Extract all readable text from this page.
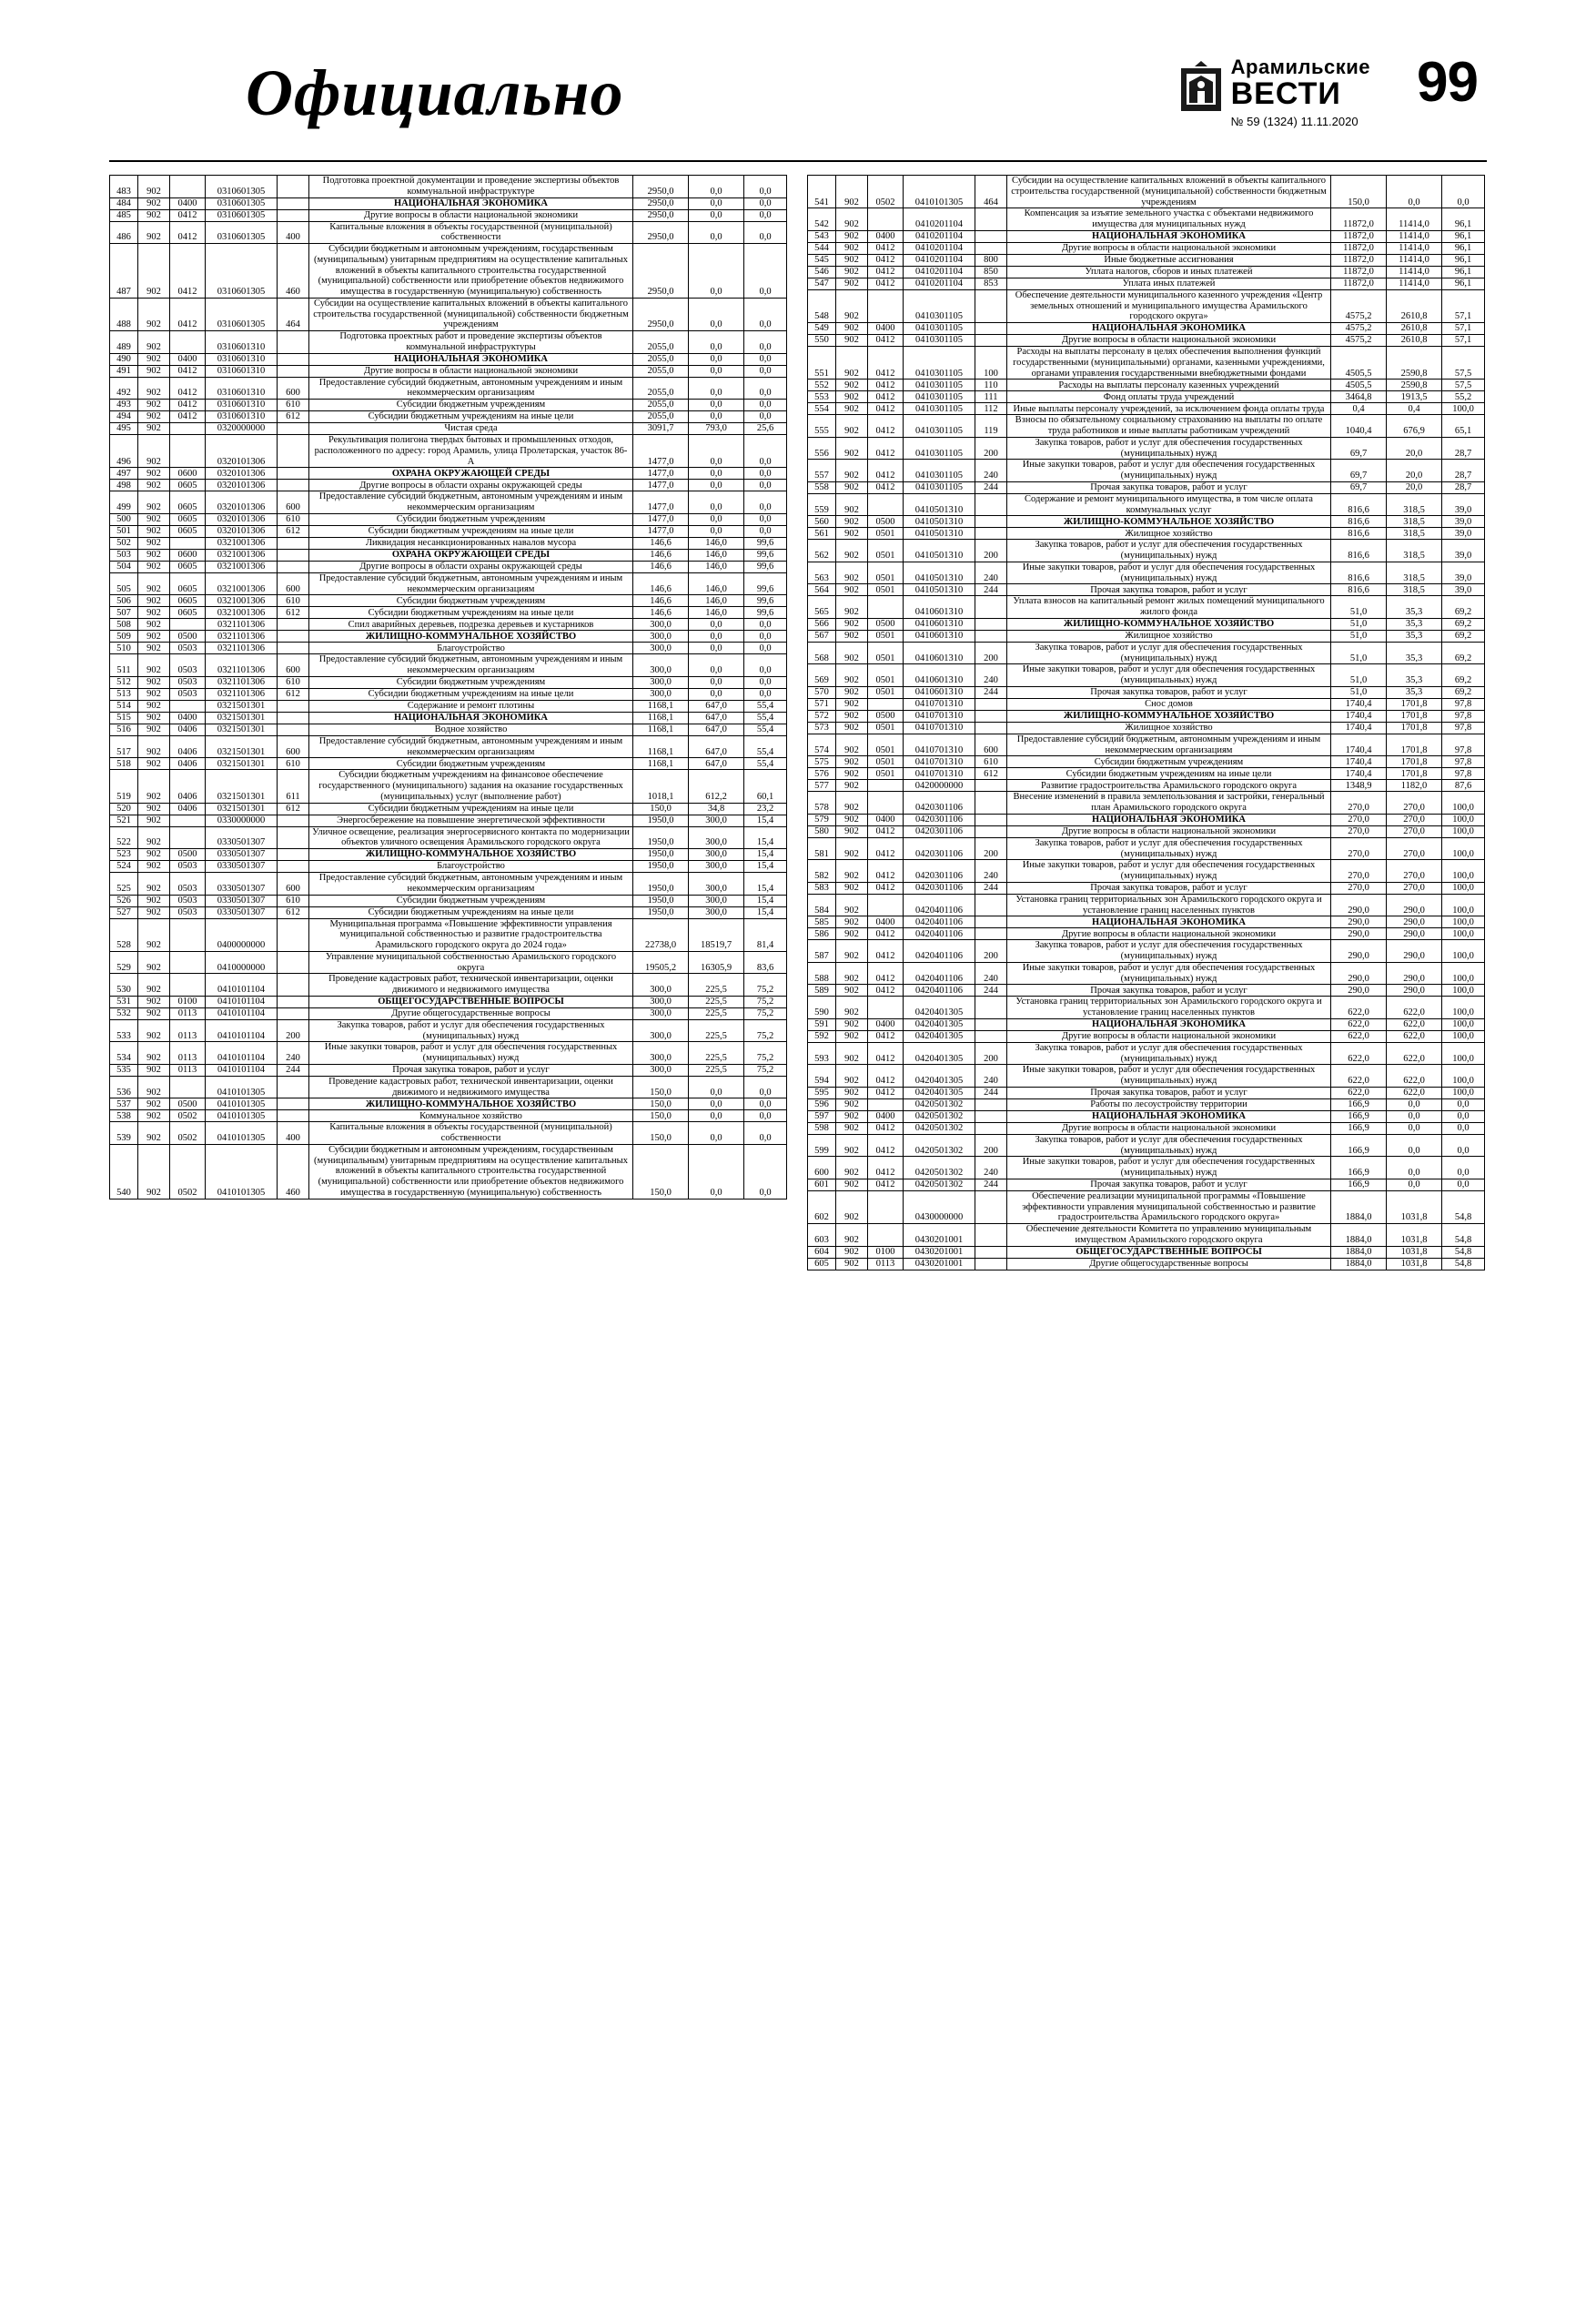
Официально	Арамильские
ВЕСТИ
№ 59 (1324) 11.11.2020
99
483	902		0310601305		Подготовка проектной документации и проведение экспертизы объектов коммунальной инфраструктуре	2950,0	0,0	0,0
484	902	0400	0310601305		НАЦИОНАЛЬНАЯ ЭКОНОМИКА	2950,0	0,0	0,0
485	902	0412	0310601305		Другие вопросы в области национальной экономики	2950,0	0,0	0,0
486	902	0412	0310601305	400	Капитальные вложения в объекты государственной (муниципальной) собственности	2950,0	0,0	0,0
487	902	0412	0310601305	460	Субсидии бюджетным и автономным учреждениям, государственным (муниципальным) унитарным предприятиям на осуществление капитальных вложений в объекты капитального строительства государственной (муниципальной) собственности или приобретение объектов недвижимого имущества в государственную (муниципальную) собственность	2950,0	0,0	0,0
488	902	0412	0310601305	464	Субсидии на осуществление капитальных вложений в объекты капитального строительства государственной (муниципальной) собственности бюджетным учреждениям	2950,0	0,0	0,0
489	902		0310601310		Подготовка проектных работ и проведение экспертизы объектов коммунальной инфраструктуры	2055,0	0,0	0,0
490	902	0400	0310601310		НАЦИОНАЛЬНАЯ ЭКОНОМИКА	2055,0	0,0	0,0
491	902	0412	0310601310		Другие вопросы в области национальной экономики	2055,0	0,0	0,0
492	902	0412	0310601310	600	Предоставление субсидий бюджетным, автономным учреждениям и иным некоммерческим организациям	2055,0	0,0	0,0
493	902	0412	0310601310	610	Субсидии бюджетным учреждениям	2055,0	0,0	0,0
494	902	0412	0310601310	612	Субсидии бюджетным учреждениям на иные цели	2055,0	0,0	0,0
495	902		0320000000		Чистая среда	3091,7	793,0	25,6
496	902		0320101306		Рекультивация полигона твердых бытовых и промышленных отходов, расположенного по адресу: город Арамиль, улица Пролетарская, участок 86-А	1477,0	0,0	0,0
497	902	0600	0320101306		ОХРАНА ОКРУЖАЮЩЕЙ СРЕДЫ	1477,0	0,0	0,0
498	902	0605	0320101306		Другие вопросы в области охраны окружающей среды	1477,0	0,0	0,0
499	902	0605	0320101306	600	Предоставление субсидий бюджетным, автономным учреждениям и иным некоммерческим организациям	1477,0	0,0	0,0
500	902	0605	0320101306	610	Субсидии бюджетным учреждениям	1477,0	0,0	0,0
501	902	0605	0320101306	612	Субсидии бюджетным учреждениям на иные цели	1477,0	0,0	0,0
502	902		0321001306		Ликвидация несанкционированных навалов мусора	146,6	146,0	99,6
503	902	0600	0321001306		ОХРАНА ОКРУЖАЮЩЕЙ СРЕДЫ	146,6	146,0	99,6
504	902	0605	0321001306		Другие вопросы в области охраны окружающей среды	146,6	146,0	99,6
505	902	0605	0321001306	600	Предоставление субсидий бюджетным, автономным учреждениям и иным некоммерческим организациям	146,6	146,0	99,6
506	902	0605	0321001306	610	Субсидии бюджетным учреждениям	146,6	146,0	99,6
507	902	0605	0321001306	612	Субсидии бюджетным учреждениям на иные цели	146,6	146,0	99,6
508	902		0321101306		Спил аварийных деревьев, подрезка деревьев и кустарников	300,0	0,0	0,0
509	902	0500	0321101306		ЖИЛИЩНО-КОММУНАЛЬНОЕ ХОЗЯЙСТВО	300,0	0,0	0,0
510	902	0503	0321101306		Благоустройство	300,0	0,0	0,0
511	902	0503	0321101306	600	Предоставление субсидий бюджетным, автономным учреждениям и иным некоммерческим организациям	300,0	0,0	0,0
512	902	0503	0321101306	610	Субсидии бюджетным учреждениям	300,0	0,0	0,0
513	902	0503	0321101306	612	Субсидии бюджетным учреждениям на иные цели	300,0	0,0	0,0
514	902		0321501301		Содержание и ремонт плотины	1168,1	647,0	55,4
515	902	0400	0321501301		НАЦИОНАЛЬНАЯ ЭКОНОМИКА	1168,1	647,0	55,4
516	902	0406	0321501301		Водное хозяйство	1168,1	647,0	55,4
517	902	0406	0321501301	600	Предоставление субсидий бюджетным, автономным учреждениям и иным некоммерческим организациям	1168,1	647,0	55,4
518	902	0406	0321501301	610	Субсидии бюджетным учреждениям	1168,1	647,0	55,4
519	902	0406	0321501301	611	Субсидии бюджетным учреждениям на финансовое обеспечение государственного (муниципального) задания на оказание государственных (муниципальных) услуг (выполнение работ)	1018,1	612,2	60,1
520	902	0406	0321501301	612	Субсидии бюджетным учреждениям на иные цели	150,0	34,8	23,2
521	902		0330000000		Энергосбережение на повышение энергетической эффективности	1950,0	300,0	15,4
522	902		0330501307		Уличное освещение, реализация энергосервисного контакта по модернизации объектов уличного освещения Арамильского городского округа	1950,0	300,0	15,4
523	902	0500	0330501307		ЖИЛИЩНО-КОММУНАЛЬНОЕ ХОЗЯЙСТВО	1950,0	300,0	15,4
524	902	0503	0330501307		Благоустройство	1950,0	300,0	15,4
525	902	0503	0330501307	600	Предоставление субсидий бюджетным, автономным учреждениям и иным некоммерческим организациям	1950,0	300,0	15,4
526	902	0503	0330501307	610	Субсидии бюджетным учреждениям	1950,0	300,0	15,4
527	902	0503	0330501307	612	Субсидии бюджетным учреждениям на иные цели	1950,0	300,0	15,4
528	902		0400000000		Муниципальная программа «Повышение эффективности управления муниципальной собственностью и развитие градостроительства Арамильского городского округа до 2024 года»	22738,0	18519,7	81,4
529	902		0410000000		Управление муниципальной собственностью Арамильского городского округа	19505,2	16305,9	83,6
530	902		0410101104		Проведение кадастровых работ, технической инвентаризации, оценки движимого и недвижимого имущества	300,0	225,5	75,2
531	902	0100	0410101104		ОБЩЕГОСУДАРСТВЕННЫЕ ВОПРОСЫ	300,0	225,5	75,2
532	902	0113	0410101104		Другие общегосударственные вопросы	300,0	225,5	75,2
533	902	0113	0410101104	200	Закупка товаров, работ и услуг для обеспечения государственных (муниципальных) нужд	300,0	225,5	75,2
534	902	0113	0410101104	240	Иные закупки товаров, работ и услуг для обеспечения государственных (муниципальных) нужд	300,0	225,5	75,2
535	902	0113	0410101104	244	Прочая закупка товаров, работ и услуг	300,0	225,5	75,2
536	902		0410101305		Проведение кадастровых работ, технической инвентаризации, оценки движимого и недвижимого имущества	150,0	0,0	0,0
537	902	0500	0410101305		ЖИЛИЩНО-КОММУНАЛЬНОЕ ХОЗЯЙСТВО	150,0	0,0	0,0
538	902	0502	0410101305		Коммунальное хозяйство	150,0	0,0	0,0
539	902	0502	0410101305	400	Капитальные вложения в объекты государственной (муниципальной) собственности	150,0	0,0	0,0
540	902	0502	0410101305	460	Субсидии бюджетным и автономным учреждениям, государственным (муниципальным) унитарным предприятиям на осуществление капитальных вложений в объекты капитального строительства государственной (муниципальной) собственности или приобретение объектов недвижимого имущества в государственную (муниципальную) собственность	150,0	0,0	0,0
541	902	0502	0410101305	464	Субсидии на осуществление капитальных вложений в объекты капитального строительства государственной (муниципальной) собственности бюджетным учреждениям	150,0	0,0	0,0
542	902		0410201104		Компенсация за изъятие земельного участка с объектами недвижимого имущества для муниципальных нужд	11872,0	11414,0	96,1
543	902	0400	0410201104		НАЦИОНАЛЬНАЯ ЭКОНОМИКА	11872,0	11414,0	96,1
544	902	0412	0410201104		Другие вопросы в области национальной экономики	11872,0	11414,0	96,1
545	902	0412	0410201104	800	Иные бюджетные ассигнования	11872,0	11414,0	96,1
546	902	0412	0410201104	850	Уплата налогов, сборов и иных платежей	11872,0	11414,0	96,1
547	902	0412	0410201104	853	Уплата иных платежей	11872,0	11414,0	96,1
548	902		0410301105		Обеспечение деятельности муниципального казенного учреждения «Центр земельных отношений и муниципального имущества Арамильского городского округа»	4575,2	2610,8	57,1
549	902	0400	0410301105		НАЦИОНАЛЬНАЯ ЭКОНОМИКА	4575,2	2610,8	57,1
550	902	0412	0410301105		Другие вопросы в области национальной экономики	4575,2	2610,8	57,1
551	902	0412	0410301105	100	Расходы на выплаты персоналу в целях обеспечения выполнения функций государственными (муниципальными) органами, казенными учреждениями, органами управления государственными внебюджетными фондами	4505,5	2590,8	57,5
552	902	0412	0410301105	110	Расходы на выплаты персоналу казенных учреждений	4505,5	2590,8	57,5
553	902	0412	0410301105	111	Фонд оплаты труда учреждений	3464,8	1913,5	55,2
554	902	0412	0410301105	112	Иные выплаты персоналу учреждений, за исключением фонда оплаты труда	0,4	0,4	100,0
555	902	0412	0410301105	119	Взносы по обязательному социальному страхованию на выплаты по оплате труда работников и иные выплаты работникам учреждений	1040,4	676,9	65,1
556	902	0412	0410301105	200	Закупка товаров, работ и услуг для обеспечения государственных (муниципальных) нужд	69,7	20,0	28,7
557	902	0412	0410301105	240	Иные закупки товаров, работ и услуг для обеспечения государственных (муниципальных) нужд	69,7	20,0	28,7
558	902	0412	0410301105	244	Прочая закупка товаров, работ и услуг	69,7	20,0	28,7
559	902		0410501310		Содержание и ремонт муниципального имущества, в том числе оплата коммунальных услуг	816,6	318,5	39,0
560	902	0500	0410501310		ЖИЛИЩНО-КОММУНАЛЬНОЕ ХОЗЯЙСТВО	816,6	318,5	39,0
561	902	0501	0410501310		Жилищное хозяйство	816,6	318,5	39,0
562	902	0501	0410501310	200	Закупка товаров, работ и услуг для обеспечения государственных (муниципальных) нужд	816,6	318,5	39,0
563	902	0501	0410501310	240	Иные закупки товаров, работ и услуг для обеспечения государственных (муниципальных) нужд	816,6	318,5	39,0
564	902	0501	0410501310	244	Прочая закупка товаров, работ и услуг	816,6	318,5	39,0
565	902		0410601310		Уплата взносов на капитальный ремонт жилых помещений муниципального жилого фонда	51,0	35,3	69,2
566	902	0500	0410601310		ЖИЛИЩНО-КОММУНАЛЬНОЕ ХОЗЯЙСТВО	51,0	35,3	69,2
567	902	0501	0410601310		Жилищное хозяйство	51,0	35,3	69,2
568	902	0501	0410601310	200	Закупка товаров, работ и услуг для обеспечения государственных (муниципальных) нужд	51,0	35,3	69,2
569	902	0501	0410601310	240	Иные закупки товаров, работ и услуг для обеспечения государственных (муниципальных) нужд	51,0	35,3	69,2
570	902	0501	0410601310	244	Прочая закупка товаров, работ и услуг	51,0	35,3	69,2
571	902		0410701310		Снос домов	1740,4	1701,8	97,8
572	902	0500	0410701310		ЖИЛИЩНО-КОММУНАЛЬНОЕ ХОЗЯЙСТВО	1740,4	1701,8	97,8
573	902	0501	0410701310		Жилищное хозяйство	1740,4	1701,8	97,8
574	902	0501	0410701310	600	Предоставление субсидий бюджетным, автономным учреждениям и иным некоммерческим организациям	1740,4	1701,8	97,8
575	902	0501	0410701310	610	Субсидии бюджетным учреждениям	1740,4	1701,8	97,8
576	902	0501	0410701310	612	Субсидии бюджетным учреждениям на иные цели	1740,4	1701,8	97,8
577	902		0420000000		Развитие градостроительства Арамильского городского округа	1348,9	1182,0	87,6
578	902		0420301106		Внесение изменений в правила землепользования и застройки, генеральный план Арамильского городского округа	270,0	270,0	100,0
579	902	0400	0420301106		НАЦИОНАЛЬНАЯ ЭКОНОМИКА	270,0	270,0	100,0
580	902	0412	0420301106		Другие вопросы в области национальной экономики	270,0	270,0	100,0
581	902	0412	0420301106	200	Закупка товаров, работ и услуг для обеспечения государственных (муниципальных) нужд	270,0	270,0	100,0
582	902	0412	0420301106	240	Иные закупки товаров, работ и услуг для обеспечения государственных (муниципальных) нужд	270,0	270,0	100,0
583	902	0412	0420301106	244	Прочая закупка товаров, работ и услуг	270,0	270,0	100,0
584	902		0420401106		Установка границ территориальных зон Арамильского городского округа и установление границ населенных пунктов	290,0	290,0	100,0
585	902	0400	0420401106		НАЦИОНАЛЬНАЯ ЭКОНОМИКА	290,0	290,0	100,0
586	902	0412	0420401106		Другие вопросы в области национальной экономики	290,0	290,0	100,0
587	902	0412	0420401106	200	Закупка товаров, работ и услуг для обеспечения государственных (муниципальных) нужд	290,0	290,0	100,0
588	902	0412	0420401106	240	Иные закупки товаров, работ и услуг для обеспечения государственных (муниципальных) нужд	290,0	290,0	100,0
589	902	0412	0420401106	244	Прочая закупка товаров, работ и услуг	290,0	290,0	100,0
590	902		0420401305		Установка границ территориальных зон Арамильского городского округа и установление границ населенных пунктов	622,0	622,0	100,0
591	902	0400	0420401305		НАЦИОНАЛЬНАЯ ЭКОНОМИКА	622,0	622,0	100,0
592	902	0412	0420401305		Другие вопросы в области национальной экономики	622,0	622,0	100,0
593	902	0412	0420401305	200	Закупка товаров, работ и услуг для обеспечения государственных (муниципальных) нужд	622,0	622,0	100,0
594	902	0412	0420401305	240	Иные закупки товаров, работ и услуг для обеспечения государственных (муниципальных) нужд	622,0	622,0	100,0
595	902	0412	0420401305	244	Прочая закупка товаров, работ и услуг	622,0	622,0	100,0
596	902		0420501302		Работы по лесоустройству территории	166,9	0,0	0,0
597	902	0400	0420501302		НАЦИОНАЛЬНАЯ ЭКОНОМИКА	166,9	0,0	0,0
598	902	0412	0420501302		Другие вопросы в области национальной экономики	166,9	0,0	0,0
599	902	0412	0420501302	200	Закупка товаров, работ и услуг для обеспечения государственных (муниципальных) нужд	166,9	0,0	0,0
600	902	0412	0420501302	240	Иные закупки товаров, работ и услуг для обеспечения государственных (муниципальных) нужд	166,9	0,0	0,0
601	902	0412	0420501302	244	Прочая закупка товаров, работ и услуг	166,9	0,0	0,0
602	902		0430000000		Обеспечение реализации муниципальной программы «Повышение эффективности управления муниципальной собственностью и развитие градостроительства Арамильского городского округа»	1884,0	1031,8	54,8
603	902		0430201001		Обеспечение деятельности Комитета по управлению муниципальным имуществом Арамильского городского округа	1884,0	1031,8	54,8
604	902	0100	0430201001		ОБЩЕГОСУДАРСТВЕННЫЕ ВОПРОСЫ	1884,0	1031,8	54,8
605	902	0113	0430201001		Другие общегосударственные вопросы	1884,0	1031,8	54,8
